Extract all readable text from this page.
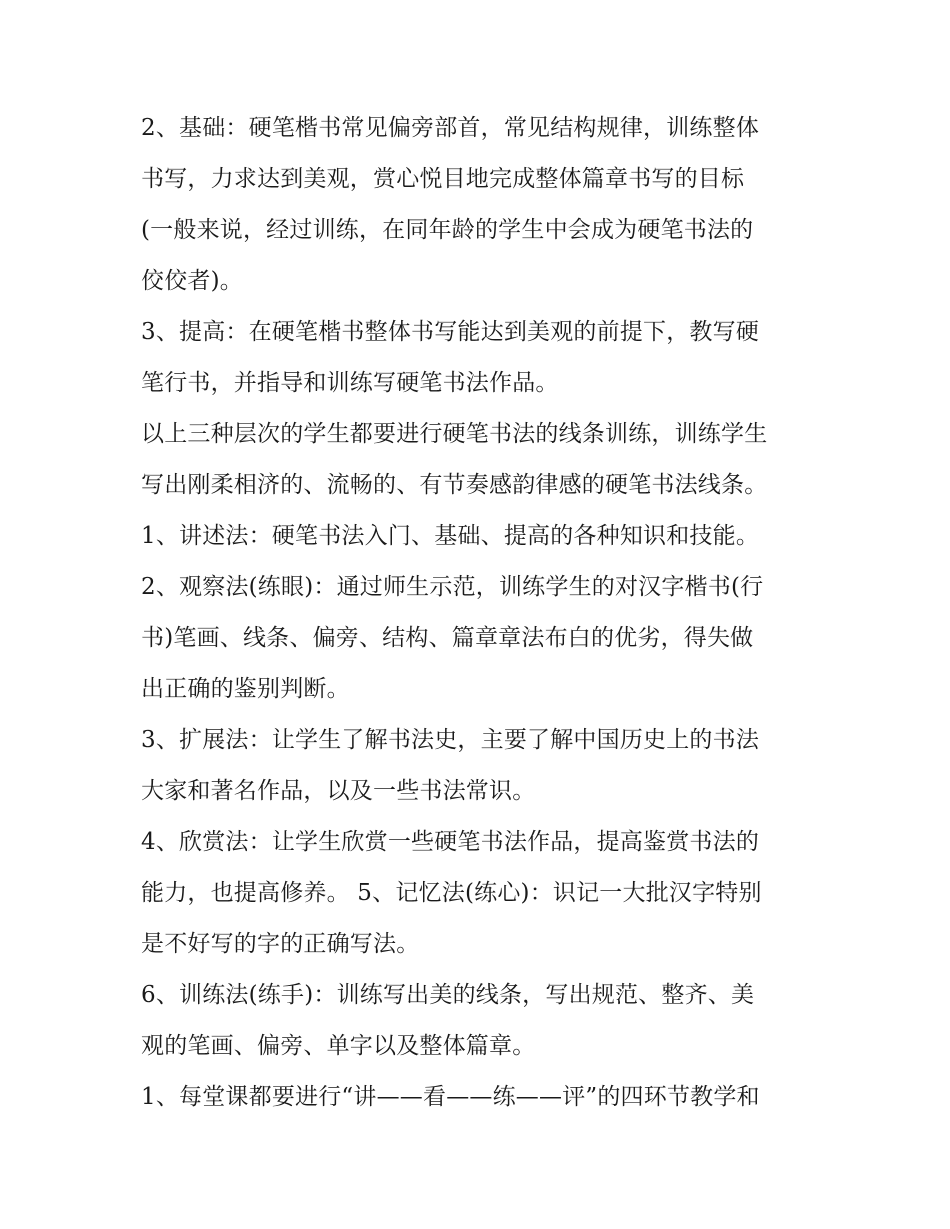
2、基础：硬笔楷书常见偏旁部首，常见结构规律，训练整体
书写，力求达到美观，赏心悦目地完成整体篇章书写的目标
(一般来说，经过训练，在同年龄的学生中会成为硬笔书法的
佼佼者)。
3、提高：在硬笔楷书整体书写能达到美观的前提下，教写硬
笔行书，并指导和训练写硬笔书法作品。
以上三种层次的学生都要进行硬笔书法的线条训练，训练学生
写出刚柔相济的、流畅的、有节奏感韵律感的硬笔书法线条。
1、讲述法：硬笔书法入门、基础、提高的各种知识和技能。
2、观察法(练眼)：通过师生示范，训练学生的对汉字楷书(行
书)笔画、线条、偏旁、结构、篇章章法布白的优劣，得失做
出正确的鉴别判断。
3、扩展法：让学生了解书法史，主要了解中国历史上的书法
大家和著名作品，以及一些书法常识。
4、欣赏法：让学生欣赏一些硬笔书法作品，提高鉴赏书法的
能力，也提高修养。 5、记忆法(练心)：识记一大批汉字特别
是不好写的字的正确写法。
6、训练法(练手)：训练写出美的线条，写出规范、整齐、美
观的笔画、偏旁、单字以及整体篇章。
1、每堂课都要进行“讲——看——练——评”的四环节教学和
